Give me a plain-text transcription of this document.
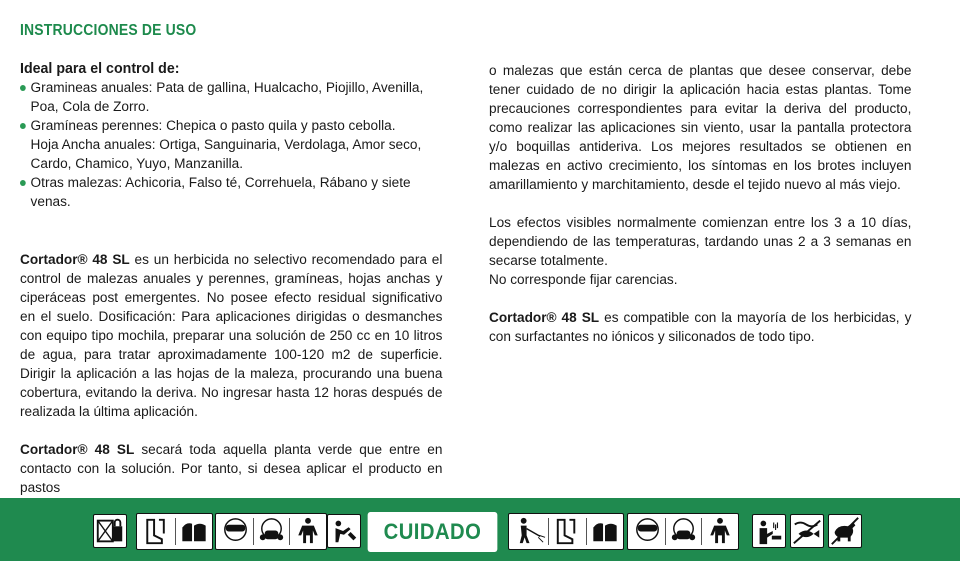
INSTRUCCIONES DE USO

Ideal para el control de:

Gramineas anuales: Pata de gallina, Hualcacho, Piojillo, Avenilla, Poa, Cola de Zorro.
Gramíneas perennes: Chepica o pasto quila y pasto cebolla.
Hoja Ancha anuales: Ortiga, Sanguinaria, Verdolaga, Amor seco, Cardo, Chamico, Yuyo, Manzanilla.
Otras malezas: Achicoria, Falso té, Correhuela, Rábano y siete venas.

Cortador® 48 SL es un herbicida no selectivo recomendado para el control de malezas anuales y perennes, gramíneas, hojas anchas y ciperáceas post emergentes. No posee efecto residual significativo en el suelo. Dosificación: Para aplicaciones dirigidas o desmanches con equipo tipo mochila, preparar una solución de 250 cc en 10 litros de agua, para tratar aproximadamente 100-120 m2 de superficie. Dirigir la aplicación a las hojas de la maleza, procurando una buena cobertura, evitando la deriva. No ingresar hasta 12 horas después de realizada la última aplicación.

Cortador® 48 SL secará toda aquella planta verde que entre en contacto con la solución. Por tanto, si desea aplicar el producto en pastos

o malezas que están cerca de plantas que desee conservar, debe tener cuidado de no dirigir la aplicación hacia estas plantas. Tome precauciones correspondientes para evitar la deriva del producto, como realizar las aplicaciones sin viento, usar la pantalla protectora y/o boquillas antideriva. Los mejores resultados se obtienen en malezas en activo crecimiento, los síntomas en los brotes incluyen amarillamiento y marchitamiento, desde el tejido nuevo al más viejo.

Los efectos visibles normalmente comienzan entre los 3 a 10 días, dependiendo de las temperaturas, tardando unas 2 a 3 semanas en secarse totalmente.

No corresponde fijar carencias.

Cortador® 48 SL es compatible con la mayoría de los herbicidas, y con surfactantes no iónicos y siliconados de todo tipo.

CUIDADO
